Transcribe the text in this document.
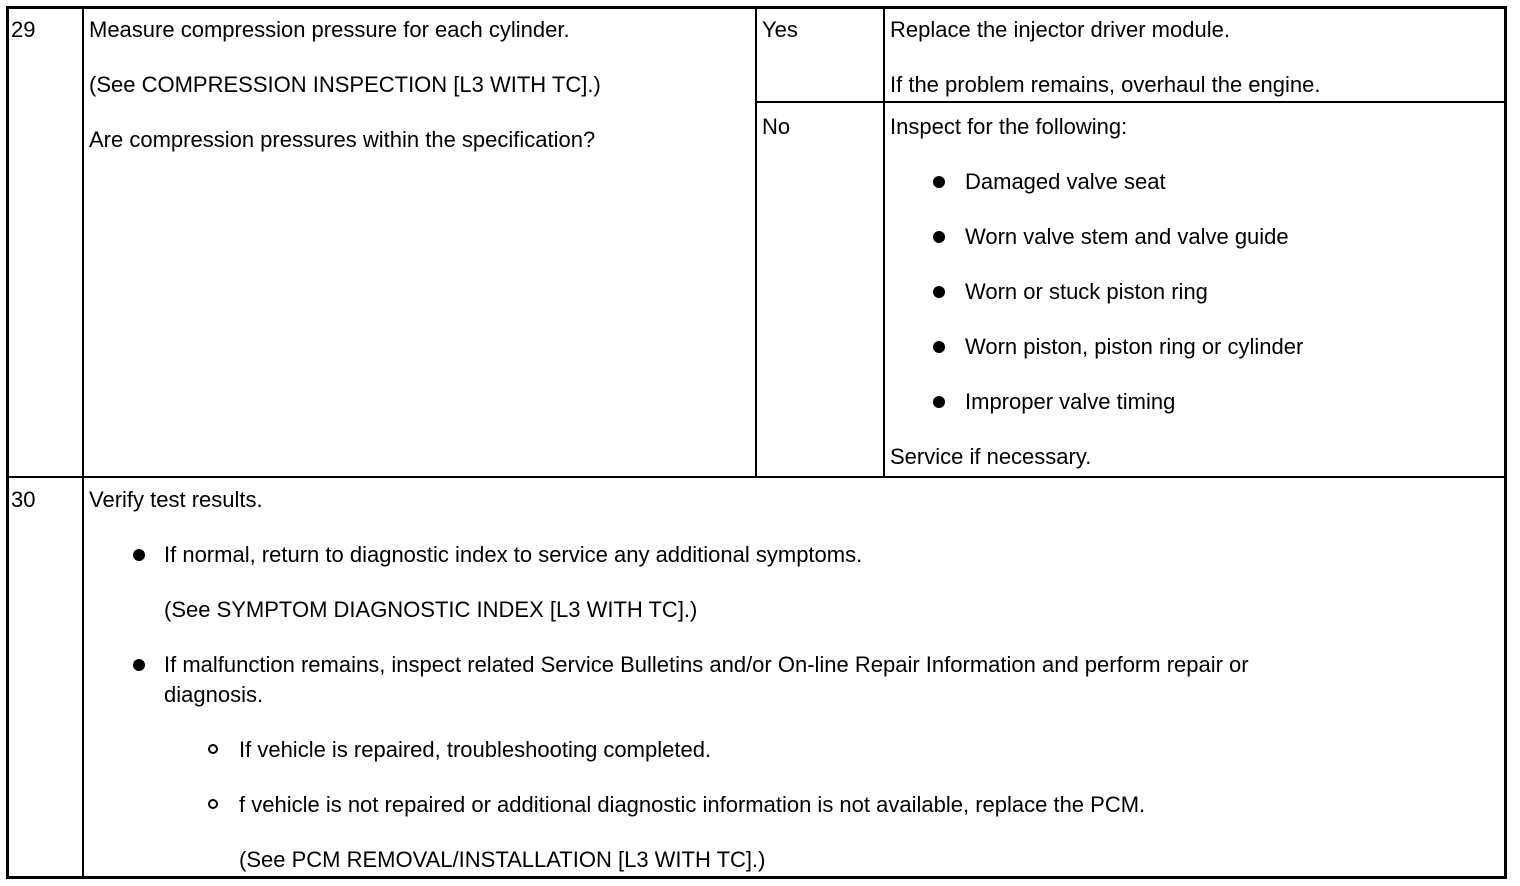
29 Measure compression pressure for each cylinder.
(See COMPRESSION INSPECTION [L3 WITH TC].)
Are compression pressures within the specification?
Yes	Replace the injector driver module.
If the problem remains, overhaul the engine.
No	Inspect for the following:
Damaged valve seat
Worn valve stem and valve guide
Worn or stuck piston ring
Worn piston, piston ring or cylinder
Improper valve timing
Service if necessary.
30 Verify test results.
If normal, return to diagnostic index to service any additional symptoms.
(See SYMPTOM DIAGNOSTIC INDEX [L3 WITH TC].)
If malfunction remains, inspect related Service Bulletins and/or On-line Repair Information and perform repair or
diagnosis.
If vehicle is repaired, troubleshooting completed.
f vehicle is not repaired or additional diagnostic information is not available, replace the PCM.
(See PCM REMOVAL/INSTALLATION [L3 WITH TC].)
